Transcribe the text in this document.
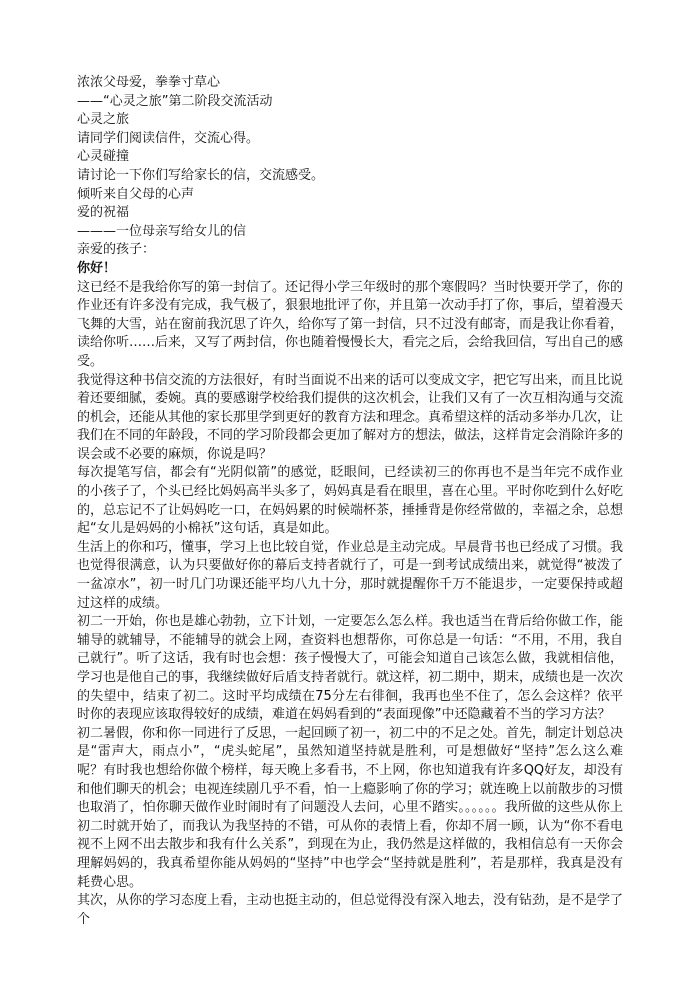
浓浓父母爱，拳拳寸草心

——“心灵之旅”第二阶段交流活动

心灵之旅

请同学们阅读信件，交流心得。

心灵碰撞

请讨论一下你们写给家长的信，交流感受。

倾听来自父母的心声

爱的祝福

———一位母亲写给女儿的信

亲爱的孩子：

你好！

这已经不是我给你写的第一封信了。还记得小学三年级时的那个寒假吗？当时快要开学了，你的作业还有许多没有完成，我气极了，狠狠地批评了你，并且第一次动手打了你，事后，望着漫天飞舞的大雪，站在窗前我沉思了许久，给你写了第一封信，只不过没有邮寄，而是我让你看着，读给你听……后来，又写了两封信，你也随着慢慢长大，看完之后，会给我回信，写出自己的感受。

我觉得这种书信交流的方法很好，有时当面说不出来的话可以变成文字，把它写出来，而且比说着还要细腻，委婉。真的要感谢学校给我们提供的这次机会，让我们又有了一次互相沟通与交流的机会，还能从其他的家长那里学到更好的教育方法和理念。真希望这样的活动多举办几次，让我们在不同的年龄段，不同的学习阶段都会更加了解对方的想法，做法，这样肯定会消除许多的误会或不必要的麻烦，你说是吗？

每次提笔写信，都会有“光阴似箭”的感觉，眨眼间，已经读初三的你再也不是当年完不成作业的小孩子了，个头已经比妈妈高半头多了，妈妈真是看在眼里，喜在心里。平时你吃到什么好吃的，总忘记不了让妈妈吃一口，在妈妈累的时候端杯茶，捶捶背是你经常做的，幸福之余，总想起“女儿是妈妈的小棉袄”这句话，真是如此。

生活上的你和巧，懂事，学习上也比较自觉，作业总是主动完成。早晨背书也已经成了习惯。我也觉得很满意，认为只要做好你的幕后支持者就行了，可是一到考试成绩出来，就觉得“被泼了一盆凉水”，初一时几门功课还能平均八九十分，那时就提醒你千万不能退步，一定要保持或超过这样的成绩。

初二一开始，你也是雄心勃勃，立下计划，一定要怎么怎么样。我也适当在背后给你做工作，能辅导的就辅导，不能辅导的就会上网，查资料也想帮你，可你总是一句话：“不用，不用，我自己就行”。听了这话，我有时也会想：孩子慢慢大了，可能会知道自己该怎么做，我就相信他，学习也是他自己的事，我继续做好后盾支持者就行。就这样，初二期中，期末，成绩也是一次次的失望中，结束了初二。这时平均成绩在75分左右徘徊，我再也坐不住了，怎么会这样？依平时你的表现应该取得较好的成绩，难道在妈妈看到的“表面现像”中还隐藏着不当的学习方法？

初二暑假，你和你一同进行了反思，一起回顾了初一，初二中的不足之处。首先，制定计划总决是“雷声大，雨点小”，“虎头蛇尾”，虽然知道坚持就是胜利，可是想做好“坚持”怎么这么难呢？有时我也想给你做个榜样，每天晚上多看书，不上网，你也知道我有许多QQ好友，却没有和他们聊天的机会；电视连续剧几乎不看，怕一上瘾影响了你的学习；就连晚上以前散步的习惯也取消了，怕你聊天做作业时闹时有了问题没人去问，心里不踏实。。。。。。我所做的这些从你上初二时就开始了，而我认为我坚持的不错，可从你的表情上看，你却不屑一顾，认为“你不看电视不上网不出去散步和我有什么关系”，到现在为止，我仍然是这样做的，我相信总有一天你会理解妈妈的，我真希望你能从妈妈的“坚持”中也学会“坚持就是胜利”，若是那样，我真是没有耗费心思。

其次，从你的学习态度上看，主动也挺主动的，但总觉得没有深入地去，没有钻劲，是不是学了个
